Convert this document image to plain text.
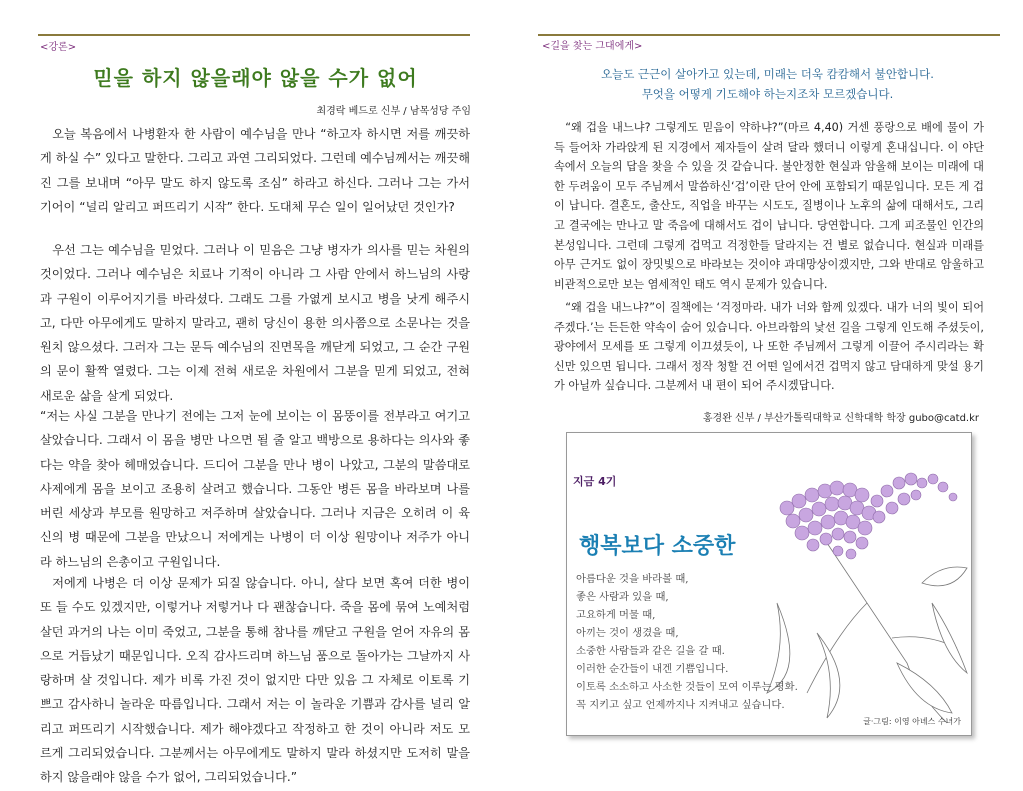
<강론>
믿을 하지 않을래야 않을 수가 없어
최경락 베드로 신부 / 남목성당 주임
오늘 복음에서 나병환자 한 사람이 예수님을 만나 “하고자 하시면 저를 깨끗하게 하실 수” 있다고 말한다. 그리고 과연 그리되었다. 그런데 예수님께서는 깨끗해진 그를 보내며 “아무 말도 하지 않도록 조심” 하라고 하신다. 그러나 그는 가서 기어이 “널리 알리고 퍼뜨리기 시작” 한다. 도대체 무슨 일이 일어났던 것인가?
우선 그는 예수님을 믿었다. 그러나 이 믿음은 그냥 병자가 의사를 믿는 차원의 것이었다. 그러나 예수님은 치료나 기적이 아니라 그 사람 안에서 하느님의 사랑과 구원이 이루어지기를 바라셨다. 그래도 그를 가엾게 보시고 병을 낫게 해주시고, 다만 아무에게도 말하지 말라고, 괜히 당신이 용한 의사쯤으로 소문나는 것을 원치 않으셨다. 그러자 그는 문득 예수님의 진면목을 깨닫게 되었고, 그 순간 구원의 문이 활짝 열렸다. 그는 이제 전혀 새로운 차원에서 그분을 믿게 되었고, 전혀 새로운 삶을 살게 되었다.
“저는 사실 그분을 만나기 전에는 그저 눈에 보이는 이 몸뚱이를 전부라고 여기고 살았습니다. 그래서 이 몸을 병만 나으면 될 줄 알고 백방으로 용하다는 의사와 좋다는 약을 찾아 헤매었습니다. 드디어 그분을 만나 병이 나았고, 그분의 말씀대로 사제에게 몸을 보이고 조용히 살려고 했습니다. 그동안 병든 몸을 바라보며 나를 버린 세상과 부모를 원망하고 저주하며 살았습니다. 그러나 지금은 오히려 이 육신의 병 때문에 그분을 만났으니 저에게는 나병이 더 이상 원망이나 저주가 아니라 하느님의 은총이고 구원입니다.
저에게 나병은 더 이상 문제가 되질 않습니다. 아니, 살다 보면 혹여 더한 병이 또 들 수도 있겠지만, 이렇거나 저렇거나 다 괜찮습니다. 죽을 몸에 묶여 노예처럼 살던 과거의 나는 이미 죽었고, 그분을 통해 참나를 깨닫고 구원을 얻어 자유의 몸으로 거듭났기 때문입니다. 오직 감사드리며 하느님 품으로 돌아가는 그날까지 사랑하며 살 것입니다. 제가 비록 가진 것이 없지만 다만 있음 그 자체로 이토록 기쁘고 감사하니 놀라운 따름입니다. 그래서 저는 이 놀라운 기쁨과 감사를 널리 알리고 퍼뜨리기 시작했습니다. 제가 해야겠다고 작정하고 한 것이 아니라 저도 모르게 그리되었습니다. 그분께서는 아무에게도 말하지 말라 하셨지만 도저히 말을 하지 않을래야 않을 수가 없어, 그리되었습니다.”
<길을 찾는 그대에게>
오늘도 근근이 살아가고 있는데, 미래는 더욱 캄캄해서 불안합니다.
무엇을 어떻게 기도해야 하는지조차 모르겠습니다.
“왜 겁을 내느냐? 그렇게도 믿음이 약하냐?”(마르 4,40) 거센 풍랑으로 배에 물이 가득 들어차 가라앉게 된 지경에서 제자들이 살려 달라 했더니 이렇게 혼내십니다. 이 야단 속에서 오늘의 답을 찾을 수 있을 것 같습니다. 불안정한 현실과 암울해 보이는 미래에 대한 두려움이 모두 주님께서 말씀하신‘겁’이란 단어 안에 포함되기 때문입니다. 모든 게 겁이 납니다. 결혼도, 출산도, 직업을 바꾸는 시도도, 질병이나 노후의 삶에 대해서도, 그리고 결국에는 만나고 말 죽음에 대해서도 겁이 납니다. 당연합니다. 그게 피조물인 인간의 본성입니다. 그런데 그렇게 겁먹고 걱정한들 달라지는 건 별로 없습니다. 현실과 미래를 아무 근거도 없이 장밋빛으로 바라보는 것이야 과대망상이겠지만, 그와 반대로 암울하고 비관적으로만 보는 염세적인 태도 역시 문제가 있습니다.
“왜 겁을 내느냐?”이 질책에는 ‘걱정마라. 내가 너와 함께 있겠다. 내가 너의 빛이 되어 주겠다.’는 든든한 약속이 숨어 있습니다. 아브라함의 낯선 길을 그렇게 인도해 주셨듯이, 광야에서 모세를 또 그렇게 이끄셨듯이, 나 또한 주님께서 그렇게 이끌어 주시리라는 확신만 있으면 됩니다. 그래서 정작 청할 건 어떤 일에서건 겁먹지 않고 담대하게 맞설 용기가 아닐까 싶습니다. 그분께서 내 편이 되어 주시겠답니다.
홍경완 신부 / 부산가톨릭대학교 신학대학 학장 gubo@catd.kr
지금 4기
행복보다 소중한
아름다운 것을 바라볼 때,
좋은 사람과 있을 때,
고요하게 머물 때,
아끼는 것이 생겼을 때,
소중한 사람들과 같은 길을 갈 때.
이러한 순간들이 내겐 기쁨입니다.
이토록 소소하고 사소한 것들이 모여 이루는 평화.
꼭 지키고 싶고 언제까지나 지켜내고 싶습니다.
글·그림: 이영 아녜스 수녀가
